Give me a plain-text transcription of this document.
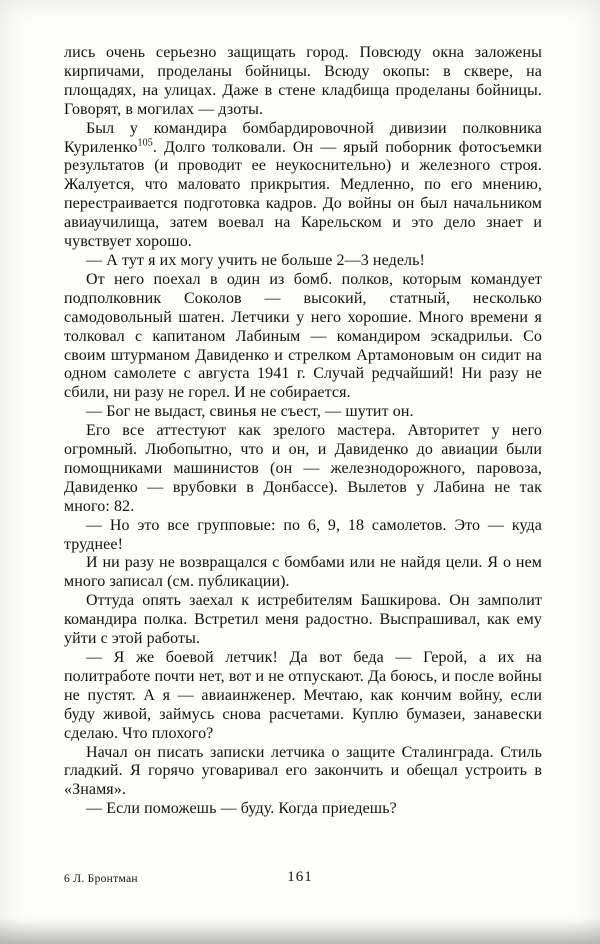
лись очень серьезно защищать город. Повсюду окна заложены кирпичами, проделаны бойницы. Всюду окопы: в сквере, на площадях, на улицах. Даже в стене кладбища проделаны бойницы. Говорят, в могилах — дзоты.

Был у командира бомбардировочной дивизии полковника Куриленко$^{105}$. Долго толковали. Он — ярый поборник фотосъемки результатов (и проводит ее неукоснительно) и железного строя. Жалуется, что маловато прикрытия. Медленно, по его мнению, перестраивается подготовка кадров. До войны он был начальником авиаучилища, затем воевал на Карельском и это дело знает и чувствует хорошо.

— А тут я их могу учить не больше 2—3 недель!

От него поехал в один из бомб. полков, которым командует подполковник Соколов — высокий, статный, несколько самодовольный шатен. Летчики у него хорошие. Много времени я толковал с капитаном Лабиным — командиром эскадрильи. Со своим штурманом Давиденко и стрелком Артамоновым он сидит на одном самолете с августа 1941 г. Случай редчайший! Ни разу не сбили, ни разу не горел. И не собирается.

— Бог не выдаст, свинья не съест, — шутит он.

Его все аттестуют как зрелого мастера. Авторитет у него огромный. Любопытно, что и он, и Давиденко до авиации были помощниками машинистов (он — железнодорожного, паровоза, Давиденко — врубовки в Донбассе). Вылетов у Лабина не так много: 82.

— Но это все групповые: по 6, 9, 18 самолетов. Это — куда труднее!

И ни разу не возвращался с бомбами или не найдя цели. Я о нем много записал (см. публикации).

Оттуда опять заехал к истребителям Башкирова. Он замполит командира полка. Встретил меня радостно. Выспрашивал, как ему уйти с этой работы.

— Я же боевой летчик! Да вот беда — Герой, а их на политработе почти нет, вот и не отпускают. Да боюсь, и после войны не пустят. А я — авиаинженер. Мечтаю, как кончим войну, если буду живой, займусь снова расчетами. Куплю бумазеи, занавески сделаю. Что плохого?

Начал он писать записки летчика о защите Сталинграда. Стиль гладкий. Я горячо уговаривал его закончить и обещал устроить в «Знамя».

— Если поможешь — буду. Когда приедешь?

6 Л. Бронтман	161
